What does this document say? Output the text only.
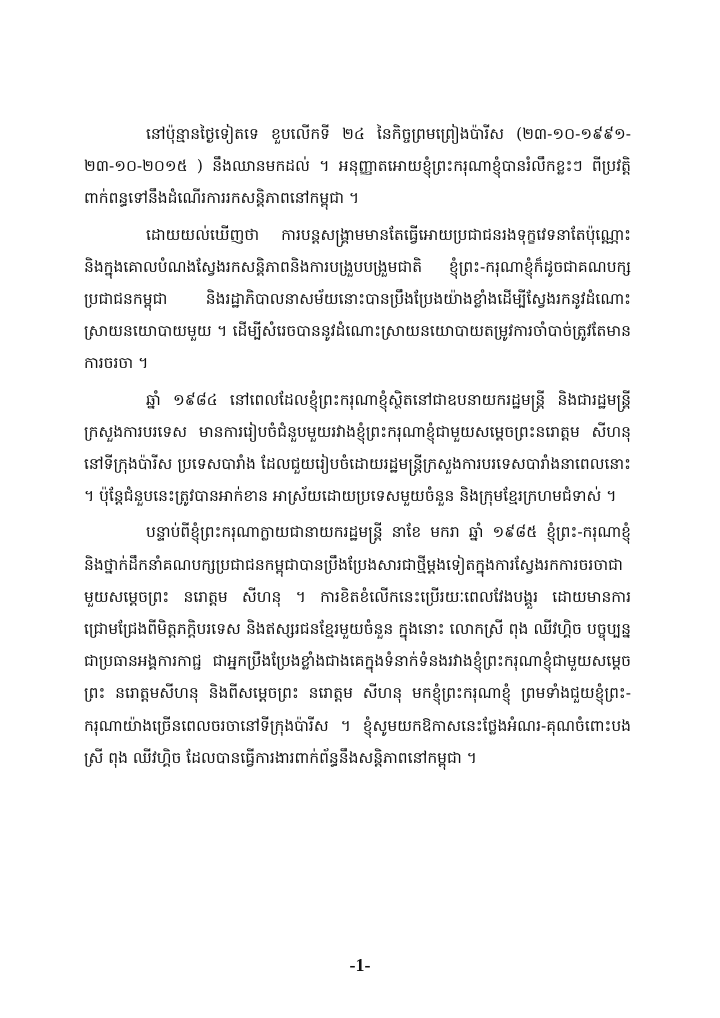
នៅប៉ុន្មានថ្ងៃទៀតទេ ខួបលើកទី ២៤ នៃកិច្ចព្រមព្រៀងប៉ារីស (២៣-១០-១៩៩១- ២៣-១០-២០១៥ ) នឹងឈានមកដល់ ។ អនុញ្ញាតអោយខ្ញុំព្រះករុណាខ្ញុំបានរំលឹកខ្លះៗ ពីប្រវត្តិពាក់ពន្ធទៅនឹងដំណើរការរកសន្តិភាពនៅកម្ពុជា ។

ដោយយល់ឃើញថា ការបន្តសង្គ្រាមមានតែធ្វើអោយប្រជាជនរងទុក្ខវេទនាតែប៉ុណ្ណោះ និងក្នុងគោលបំណងស្វែងរកសន្តិភាពនិងការបង្រួបបង្រួមជាតិ ខ្ញុំព្រះ-ករុណាខ្ញុំក៏ដូចជាគណបក្សប្រជាជនកម្ពុជា និងរដ្ឋាភិបាលនាសម័យនោះបានប្រឹងប្រែងយ៉ាងខ្លាំងដើម្បីស្វែងរកនូវដំណោះស្រាយនយោបាយមួយ ។ ដើម្បីសំរេចបាននូវដំណោះស្រាយនយោបាយតម្រូវការចាំបាច់ត្រូវតែមានការចរចា ។

ឆ្នាំ ១៩៨៤ នៅពេលដែលខ្ញុំព្រះករុណាខ្ញុំស្ថិតនៅជាឧបនាយករដ្ឋមន្ត្រី និងជារដ្ឋមន្ត្រីក្រសួងការបរទេស មានការរៀបចំជំនួបមួយរវាងខ្ញុំព្រះករុណាខ្ញុំជាមួយសម្តេចព្រះនរោត្តម សីហនុ នៅទីក្រុងប៉ារីស ប្រទេសបារាំង ដែលជួយរៀបចំដោយរដ្ឋមន្ត្រីក្រសួងការបរទេសបារាំងនាពេលនោះ ។ ប៉ុន្តែជំនួបនេះត្រូវបានអាក់ខាន អាស្រ័យដោយប្រទេសមួយចំនួន និងក្រុមខ្មែរក្រហមជំទាស់ ។

បន្ទាប់ពីខ្ញុំព្រះករុណាក្លាយជានាយករដ្ឋមន្ត្រី នាខែ មករា ឆ្នាំ ១៩៨៥ ខ្ញុំព្រះ-ករុណាខ្ញុំ និងថ្នាក់ដឹកនាំគណបក្សប្រជាជនកម្ពុជាបានប្រឹងប្រែងសារជាថ្មីម្តងទៀតក្នុងការស្វែងរកការចរចាជាមួយសម្តេចព្រះ នរោត្តម សីហនុ ។ ការខិតខំលើកនេះប្រើរយៈពេលវែងបង្គួរ ដោយមានការជ្រោមជ្រែងពីមិត្តភក្តិបរទេស និងឥស្សរជនខ្មែរមួយចំនួន ក្នុងនោះ លោកស្រី ពុង ឈីវហ្គិច បច្ចុប្បន្នជាប្រធានអង្គការកាជ្ជ ជាអ្នកប្រឹងប្រែងខ្លាំងជាងគេក្នុងទំនាក់ទំនងរវាងខ្ញុំព្រះករុណាខ្ញុំជាមួយសម្តេចព្រះ នរោត្តមសីហនុ និងពីសម្តេចព្រះ នរោត្តម សីហនុ មកខ្ញុំព្រះករុណាខ្ញុំ ព្រមទាំងជួយខ្ញុំព្រះ-ករុណាយ៉ាងច្រើនពេលចរចានៅទីក្រុងប៉ារីស ។ ខ្ញុំសូមយកឱកាសនេះថ្លែងអំណរ-គុណចំពោះបងស្រី ពុង ឈីវហ្គិច ដែលបានធ្វើការងារពាក់ព័ន្ធនឹងសន្តិភាពនៅកម្ពុជា ។

-1-
